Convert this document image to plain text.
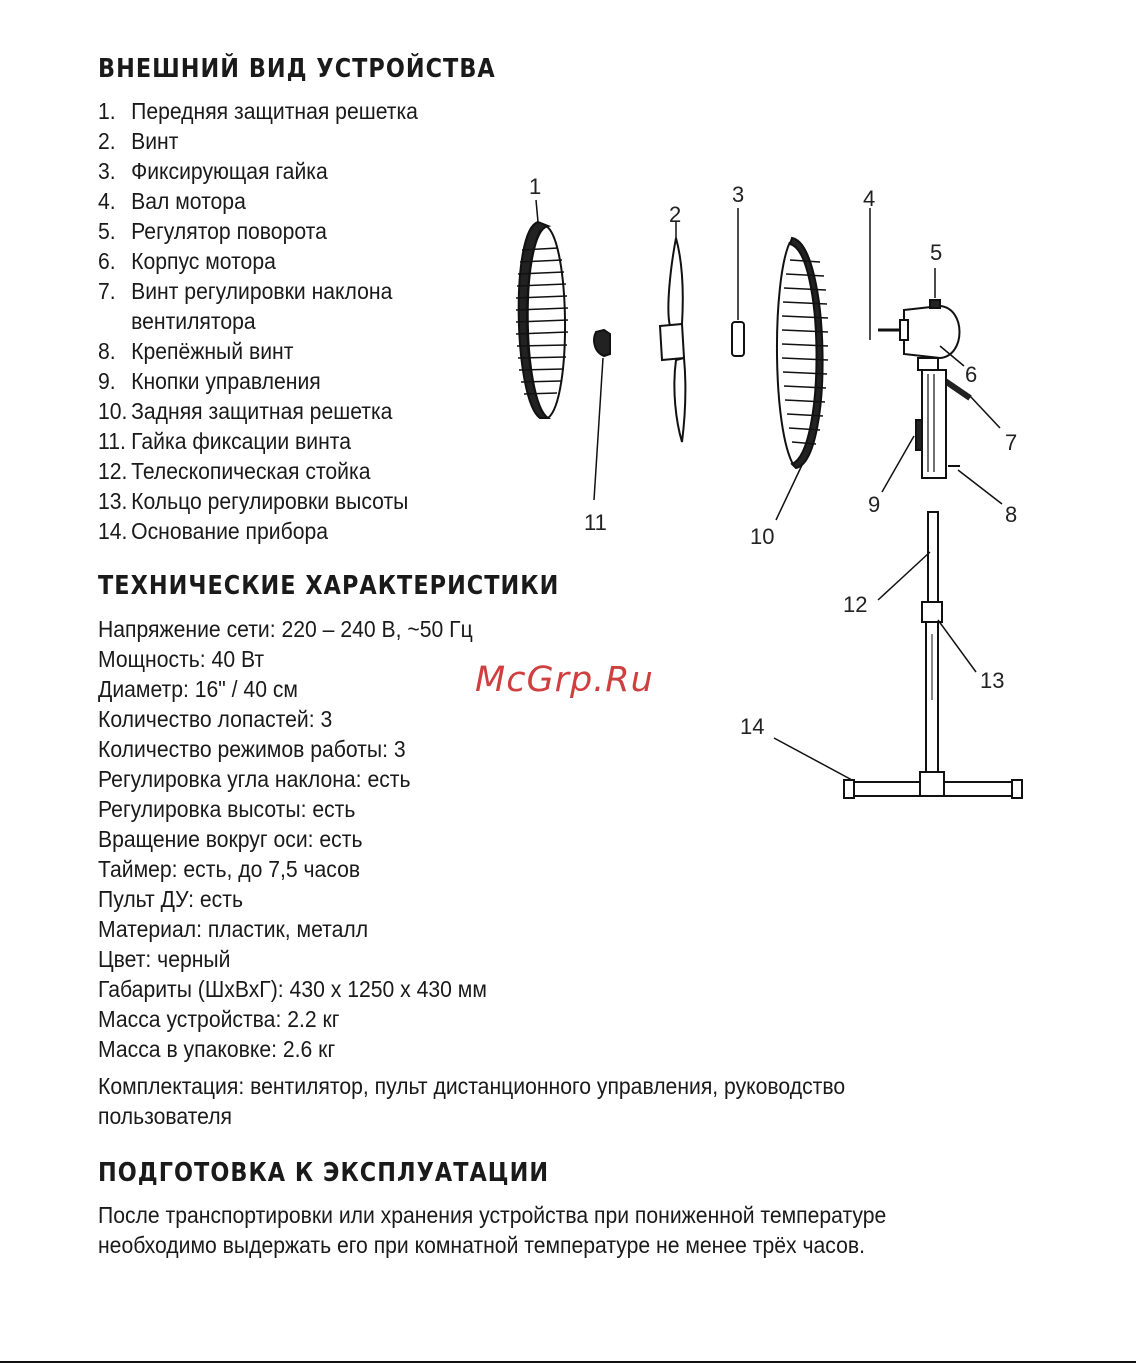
ВНЕШНИЙ ВИД УСТРОЙСТВА
1. Передняя защитная решетка
2. Винт
3. Фиксирующая гайка
4. Вал мотора
5. Регулятор поворота
6. Корпус мотора
7. Винт регулировки наклона
вентилятора
8. Крепёжный винт
9. Кнопки управления
10. Задняя защитная решетка
11. Гайка фиксации винта
12. Телескопическая стойка
13. Кольцо регулировки высоты
14. Основание прибора
1
2
3	4
5
6
7
8
9
10
11
12
13
14
ТЕХНИЧЕСКИЕ ХАРАКТЕРИСТИКИ
Напряжение сети: 220 – 240 В, ~50 Гц
Мощность: 40 Вт
Диаметр: 16" / 40 см
Количество лопастей: 3
Количество режимов работы: 3
Регулировка угла наклона: есть
Регулировка высоты: есть
Вращение вокруг оси: есть
Таймер: есть, до 7,5 часов
Пульт ДУ: есть
Материал: пластик, металл
Цвет: черный
Габариты (ШхВхГ): 430 х 1250 х 430 мм
Масса устройства: 2.2 кг
Масса в упаковке: 2.6 кг

Комплектация: вентилятор, пульт дистанционного управления, руководство

пользователя

McGrp.Ru
ПОДГОТОВКА К ЭКСПЛУАТАЦИИ

После транспортировки или хранения устройства при пониженной температуре

необходимо выдержать его при комнатной температуре не менее трёх часов.
